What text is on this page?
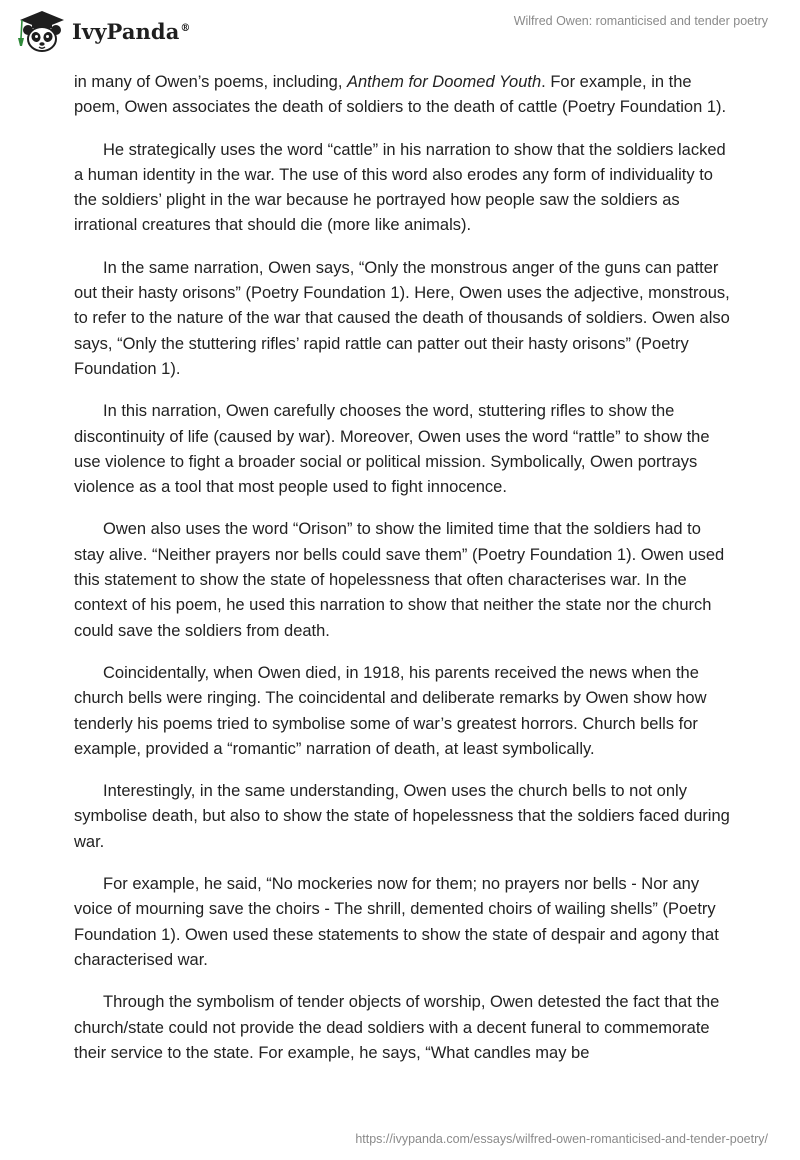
IvyPanda®	Wilfred Owen: romanticised and tender poetry

in many of Owen’s poems, including, Anthem for Doomed Youth. For example, in the poem, Owen associates the death of soldiers to the death of cattle (Poetry Foundation 1).

He strategically uses the word “cattle” in his narration to show that the soldiers lacked a human identity in the war. The use of this word also erodes any form of individuality to the soldiers’ plight in the war because he portrayed how people saw the soldiers as irrational creatures that should die (more like animals).

In the same narration, Owen says, “Only the monstrous anger of the guns can patter out their hasty orisons” (Poetry Foundation 1). Here, Owen uses the adjective, monstrous, to refer to the nature of the war that caused the death of thousands of soldiers. Owen also says, “Only the stuttering rifles’ rapid rattle can patter out their hasty orisons” (Poetry Foundation 1).

In this narration, Owen carefully chooses the word, stuttering rifles to show the discontinuity of life (caused by war). Moreover, Owen uses the word “rattle” to show the use violence to fight a broader social or political mission. Symbolically, Owen portrays violence as a tool that most people used to fight innocence.

Owen also uses the word “Orison” to show the limited time that the soldiers had to stay alive. “Neither prayers nor bells could save them” (Poetry Foundation 1). Owen used this statement to show the state of hopelessness that often characterises war. In the context of his poem, he used this narration to show that neither the state nor the church could save the soldiers from death.

Coincidentally, when Owen died, in 1918, his parents received the news when the church bells were ringing. The coincidental and deliberate remarks by Owen show how tenderly his poems tried to symbolise some of war’s greatest horrors. Church bells for example, provided a “romantic” narration of death, at least symbolically.

Interestingly, in the same understanding, Owen uses the church bells to not only symbolise death, but also to show the state of hopelessness that the soldiers faced during war.

For example, he said, “No mockeries now for them; no prayers nor bells - Nor any voice of mourning save the choirs - The shrill, demented choirs of wailing shells” (Poetry Foundation 1). Owen used these statements to show the state of despair and agony that characterised war.

Through the symbolism of tender objects of worship, Owen detested the fact that the church/state could not provide the dead soldiers with a decent funeral to commemorate their service to the state. For example, he says, “What candles may be

https://ivypanda.com/essays/wilfred-owen-romanticised-and-tender-poetry/
